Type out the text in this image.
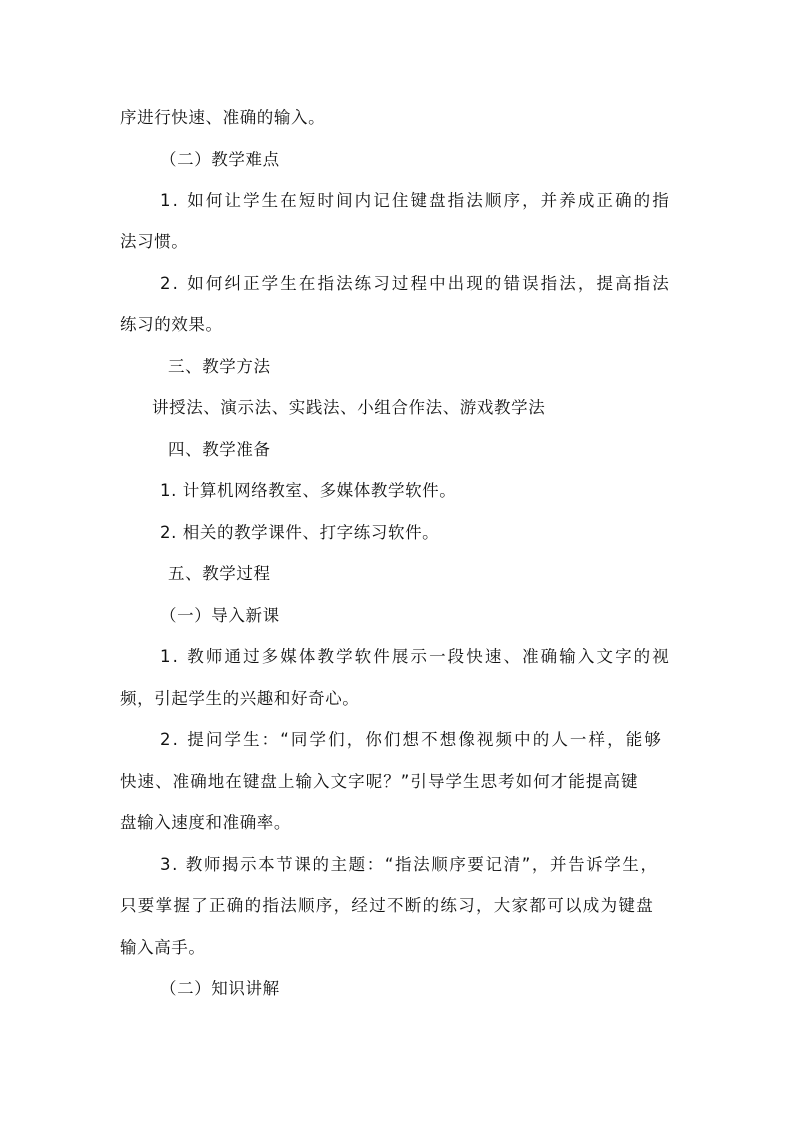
序进行快速、准确的输入。

（二）教学难点

1. 如何让学生在短时间内记住键盘指法顺序，并养成正确的指

法习惯。

2. 如何纠正学生在指法练习过程中出现的错误指法，提高指法

练习的效果。

三、教学方法

讲授法、演示法、实践法、小组合作法、游戏教学法

四、教学准备

1. 计算机网络教室、多媒体教学软件。

2. 相关的教学课件、打字练习软件。

五、教学过程

（一）导入新课

1. 教师通过多媒体教学软件展示一段快速、准确输入文字的视

频，引起学生的兴趣和好奇心。

2. 提问学生：“同学们，你们想不想像视频中的人一样，能够

快速、准确地在键盘上输入文字呢？”引导学生思考如何才能提高键

盘输入速度和准确率。

3. 教师揭示本节课的主题：“指法顺序要记清”，并告诉学生，

只要掌握了正确的指法顺序，经过不断的练习，大家都可以成为键盘

输入高手。

（二）知识讲解
